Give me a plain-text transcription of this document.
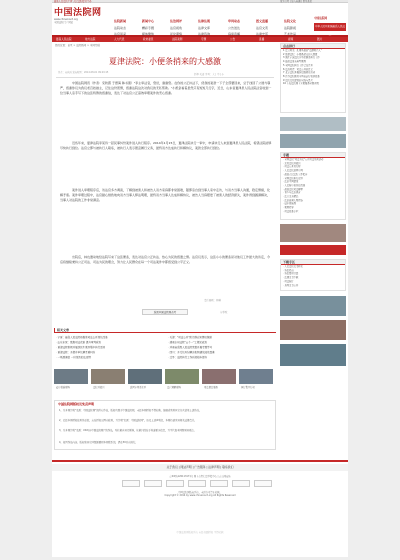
最高人民法院主管 人民法院报社主办	设为首页 | 加入收藏 | 联系我们
中国法院网
www.chinacourt.org
全国法院门户网站	法院新闻
法院动态
法官风采
新闻中心
精彩专题
媒体聚焦
法治网评
法官视角
评论观察
法律法规
法律文库
法律咨询
审判动态
公告送达
庭审直播
图文直播
法官文苑
法律史话
法院文化
法院影视
艺术作品
中国法院网
中华人民共和国最高人民法院
最高人民法院	地方法院	人大代表	政协委员	法院案例	专题	公告	直播	视频	图片
您的位置：首页 > 法院新闻 > 本网专稿
夏津法院：小便条捎来的大感激
作者：宋秋霞 发布时间：2014-08-01 09:29:15
打印 关闭 字号：大 | 中 | 小
中国法院网讯（作者：宋秋霞 于德海 韩书朋）"李主审法官，您好，谢谢您。在你的公正执法下，使我的案款一下子全部要回来，总于找回了公道与尊严，感谢你们为我们老百姓做主，记住这份恩情，感谢法院这次对我们的无私帮助。"小纸条看着虽然只有短短几行字，近日，山东省夏津县人民法院法官收到一位当事人亲手写下的这张特殊的感谢信，表达了对法官公正高效审理案件的衷心感谢。
近些年来，夏津法院李某诉一起民事纠纷案件进入执行程序。2014年1月15日，夏津法院执行一审中，申请执行人来到夏津县人民法院，希望法院能够尽快执行到位。法官立即与被执行人联系，被执行人表示愿意履行义务，最终双方达成执行和解协议，案款全部执行到位。
案件进入审理程序后，该法官多方调查，了解到被害人和被告人双方家庭都非常困难，随即亲自到当事人家中走访，与双方当事人沟通，稳定情绪，化解矛盾。案件审理过程中，法官耐心细致地向双方当事人释法明理，最终双方当事人达成和解协议，被告人当庭赔偿了被害人的经济损失，案件得到圆满解决，当事人对法院的工作非常满意。
出院后，林也激动地给法院写来了这张便条，表达对法官公正执法、热心为民的感激之情。法官们表示，这张小小的便条是对他们工作最大的肯定，今后将继续秉持公正司法、司法为民的理念，努力让人民群众在每一个司法案件中都感受到公平正义。
责任编辑：林琳
返回中国法院网首页	分享到：
相关文章
· 宁夏：最高人民法院将推进司法公开深化改革
· 山东东营：聚焦司法改革 提升审判质效
· 夏津法院积极开展涉民生案件集中执行活动
· 夏津法院：多措并举化解矛盾纠纷
· 一纸感谢信 一份浓浓的法官情
· 天津："司法公开"助力群众知情权保障
· 湖南永州法院"五个一"工程见成效
· 河南省高级人民法院党组开展专题学习
· 四川：多元化纠纷解决机制建设成效显著
· 江苏：法院执行工作质效稳步提升
庭审直播现场	法院开放日	巡回审判进社区	法官调解现场	司法便民服务	执行集中行动
中国法院网版权及免责声明
1、凡本网注明"来源：中国法院网"的所有作品，版权均属于中国法院网，未经本网授权不得转载、摘编或利用其它方式使用上述作品。
2、已经本网授权使用作品的，应在授权范围内使用，并注明"来源：中国法院网"。违反上述声明者，本网将追究其相关法律责任。
3、凡本网注明"来源：XXX(非中国法院网)"的作品，均转载自其它媒体，转载目的在于传递更多信息，并不代表本网赞同其观点。
4、如因作品内容、版权和其它问题需要同本网联系的，请在30日内进行。
点击排行
1 法官风采：扎根基层的"法律明白人"
2 夏津法院：小便条捎来的大感激
3 浙江宁波法院多举措推进执行工作
4 最高法发布典型案例
5 全国法院执行工作会议召开
6 法治时评：司法公开的意义
7 北京法院开展诉讼服务月活动
8 江苏法院推进审判权运行机制改革
9 法院文化建设的实践与思考
10 上海法院网上立案服务全面升级
专题
· 全国法院"司法为民"公正司法系列活动
· 走进法院开放日
· 司法公开进行时
· 人民法院巡回审判
· 最高人民法院工作报告
· 全国法院执行攻坚
· 法治中国建设
· 人民陪审员制度改革
· 最高法院司法解释
· 青少年法治教育
· 法官文苑精品
· 法治新闻人物评选
· 庭审直播周
· 案例指导
· 司法改革专栏
下载专区
· 人民法院文书样式
· 诉讼指南
· 诉讼费用计算
· 法律文书下载
· 司法统计
· 裁判文书公开
关于我们 | 网站声明 | 广告服务 | 法律声明 | 联系我们
京ICP备12011317号 | 网上有害信息举报中心 | 京公网安备
中国法院网版权所有，未经许可禁止转载。
Copyright © 2014 by www.chinacourt.org All Rights Reserved
中国法院网版权所有 未经书面授权 不得转载
